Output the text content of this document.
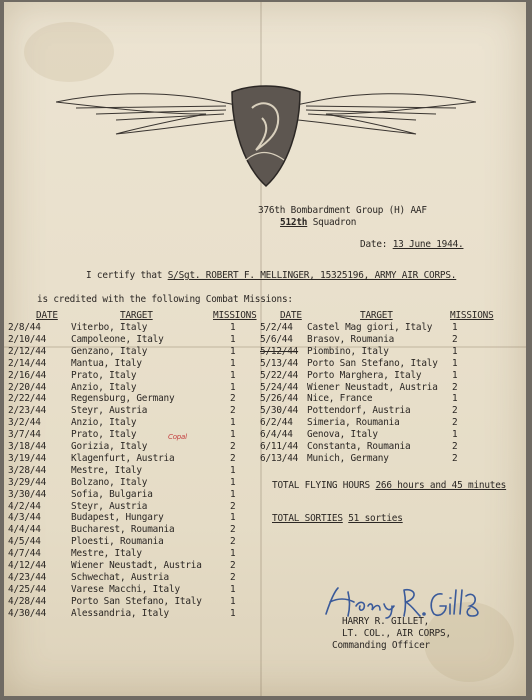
376th Bombardment Group (H) AAF
512th Squadron
Date: 13 June 1944.
I certify that S/Sgt. ROBERT F. MELLINGER, 15325196, ARMY AIR CORPS.
is credited with the following Combat Missions:
DATE	TARGET	MISSIONS DATE	TARGET	MISSIONS
2/8/44	Viterbo, Italy	1
2/10/44	Campoleone, Italy	1
2/12/44	Genzano, Italy	1
2/14/44	Mantua, Italy	1
2/16/44	Prato, Italy	1
2/20/44	Anzio, Italy	1
2/22/44	Regensburg, Germany	2
2/23/44	Steyr, Austria	2
3/2/44	Anzio, Italy	1
3/7/44	Prato, Italy	1
3/18/44	Gorizia, Italy	2
3/19/44	Klagenfurt, Austria	2
3/28/44	Mestre, Italy	1
3/29/44	Bolzano, Italy	1
3/30/44	Sofia, Bulgaria	1
4/2/44	Steyr, Austria	2
4/3/44	Budapest, Hungary	1
4/4/44	Bucharest, Roumania	2
4/5/44	Ploesti, Roumania	2
4/7/44	Mestre, Italy	1
4/12/44	Wiener Neustadt, Austria	2
4/23/44	Schwechat, Austria	2
4/25/44	Varese Macchi, Italy	1
4/28/44	Porto San Stefano, Italy	1
4/30/44	Alessandria, Italy	1
5/2/44 Castel Mag giori, Italy 1
5/6/44 Brasov, Roumania	2
5/12/44 Piombino, Italy	1
5/13/44 Porto San Stefano, Italy 1
5/22/44 Porto Marghera, Italy	1
5/24/44 Wiener Neustadt, Austria 2
5/26/44 Nice, France	1
5/30/44 Pottendorf, Austria	2
6/2/44 Simeria, Roumania	2
6/4/44 Genova, Italy	1
6/11/44 Constanta, Roumania	2
6/13/44 Munich, Germany	2
Copal
TOTAL FLYING HOURS 266 hours and 45 minutes
TOTAL SORTIES 51 sorties
HARRY R. GILLET,
LT. COL., AIR CORPS,
Commanding Officer
